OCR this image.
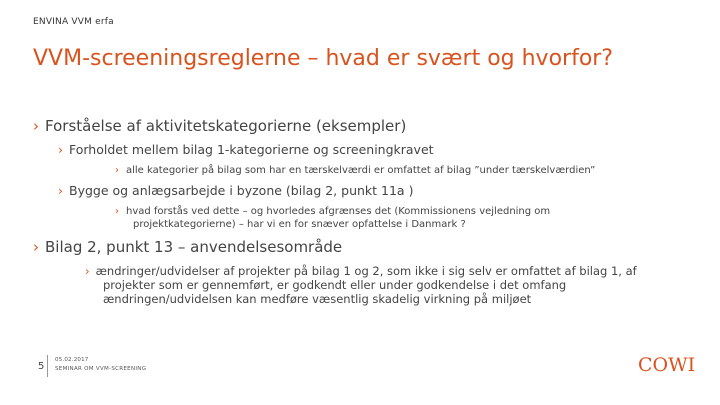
ENVINA VVM erfa
VVM-screeningsreglerne – hvad er svært og hvorfor?
› Forståelse af aktivitetskategorierne (eksempler)
› Forholdet mellem bilag 1-kategorierne og screeningkravet
› alle kategorier på bilag som har en tærskelværdi er omfattet af bilag ”under tærskelværdien”
› Bygge og anlægsarbejde i byzone (bilag 2, punkt 11a )
› hvad forstås ved dette – og hvorledes afgrænses det (Kommissionens vejledning om
projektkategorierne) – har vi en for snæver opfattelse i Danmark ?
› Bilag 2, punkt 13 – anvendelsesområde
› ændringer/udvidelser af projekter på bilag 1 og 2, som ikke i sig selv er omfattet af bilag 1, af
projekter som er gennemført, er godkendt eller under godkendelse i det omfang
ændringen/udvidelsen kan medføre væsentlig skadelig virkning på miljøet
5
05.02.2017
SEMINAR OM VVM-SCREENING	COWI
